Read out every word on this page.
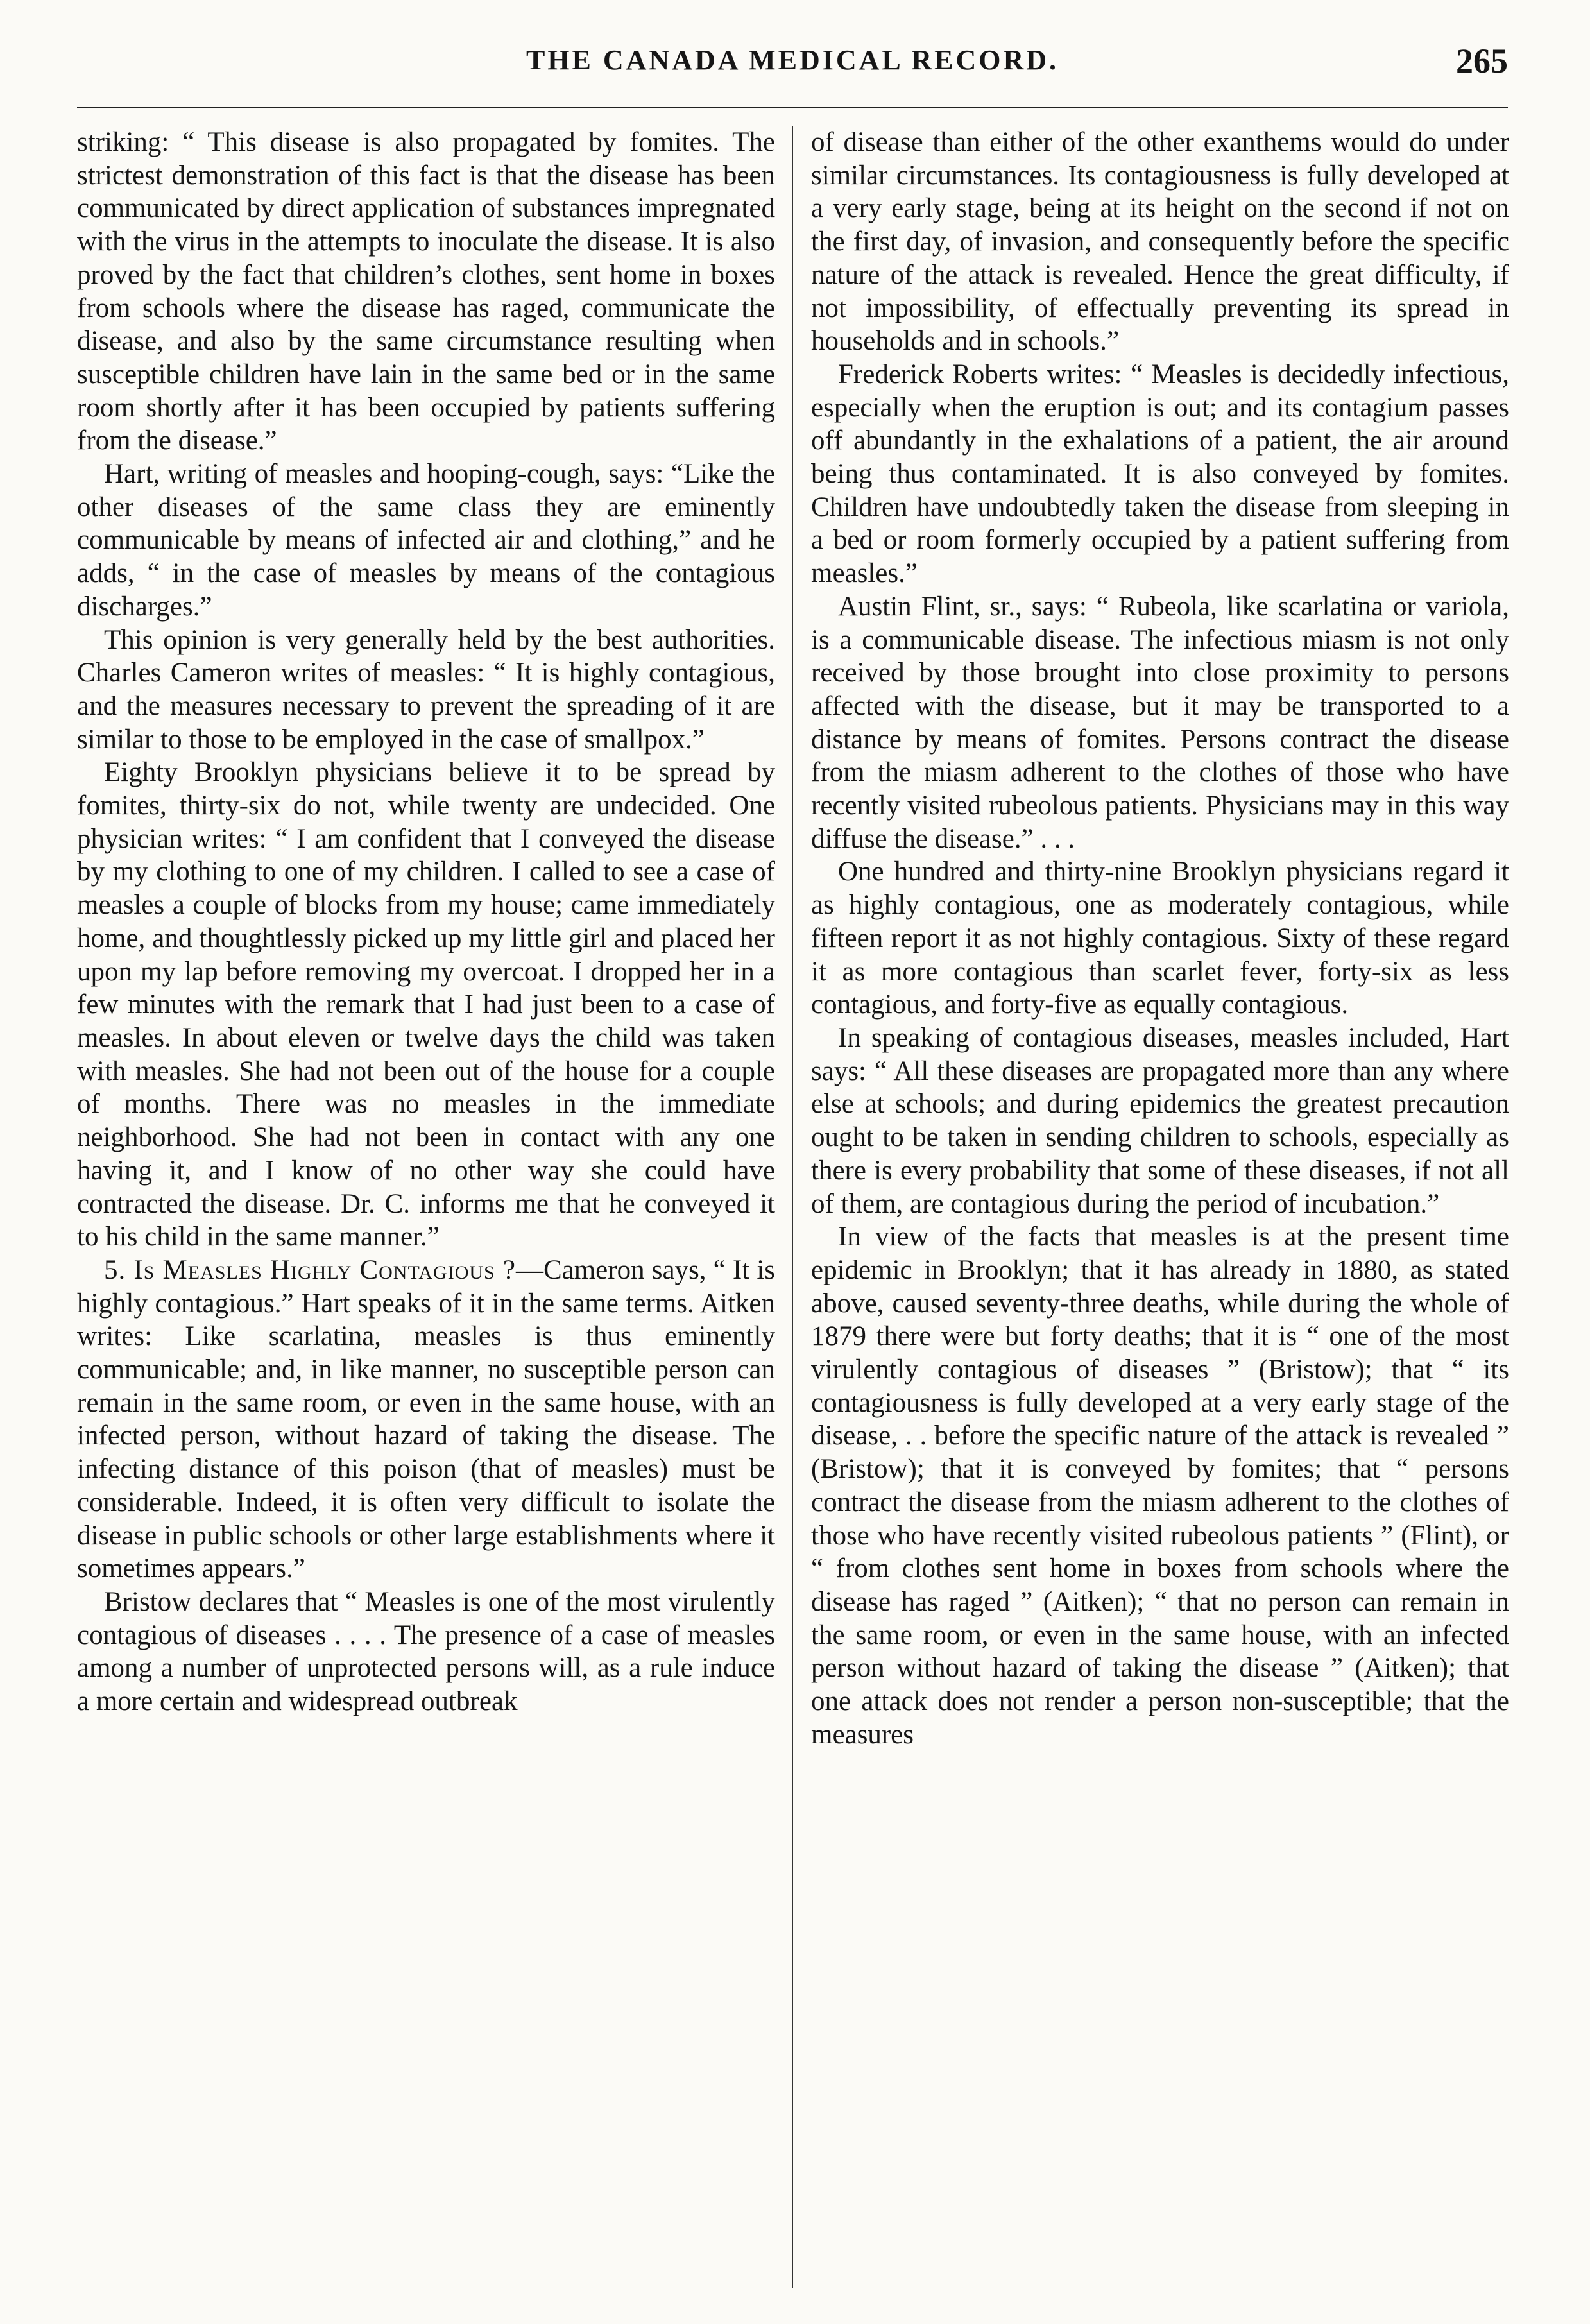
THE CANADA MEDICAL RECORD.	265

striking: “ This disease is also propagated by fomites. The strictest demonstration of this fact is that the disease has been communicated by direct application of substances impregnated with the virus in the attempts to inoculate the disease. It is also proved by the fact that children’s clothes, sent home in boxes from schools where the disease has raged, communicate the disease, and also by the same circumstance resulting when susceptible children have lain in the same bed or in the same room shortly after it has been occupied by patients suffering from the disease.”

Hart, writing of measles and hooping-cough, says: “Like the other diseases of the same class they are eminently communicable by means of infected air and clothing,” and he adds, “ in the case of measles by means of the contagious discharges.”

This opinion is very generally held by the best authorities. Charles Cameron writes of measles: “ It is highly contagious, and the measures necessary to prevent the spreading of it are similar to those to be employed in the case of smallpox.”

Eighty Brooklyn physicians believe it to be spread by fomites, thirty-six do not, while twenty are undecided. One physician writes: “ I am confident that I conveyed the disease by my clothing to one of my children. I called to see a case of measles a couple of blocks from my house; came immediately home, and thoughtlessly picked up my little girl and placed her upon my lap before removing my overcoat. I dropped her in a few minutes with the remark that I had just been to a case of measles. In about eleven or twelve days the child was taken with measles. She had not been out of the house for a couple of months. There was no measles in the immediate neighborhood. She had not been in contact with any one having it, and I know of no other way she could have contracted the disease. Dr. C. informs me that he conveyed it to his child in the same manner.”

5. Is Measles Highly Contagious ?—Cameron says, “ It is highly contagious.” Hart speaks of it in the same terms. Aitken writes: Like scarlatina, measles is thus eminently communicable; and, in like manner, no susceptible person can remain in the same room, or even in the same house, with an infected person, without hazard of taking the disease. The infecting distance of this poison (that of measles) must be considerable. Indeed, it is often very difficult to isolate the disease in public schools or other large establishments where it sometimes appears.”

Bristow declares that “ Measles is one of the most virulently contagious of diseases . . . . The presence of a case of measles among a number of unprotected persons will, as a rule induce a more certain and widespread outbreak

of disease than either of the other exanthems would do under similar circumstances. Its contagiousness is fully developed at a very early stage, being at its height on the second if not on the first day, of invasion, and consequently before the specific nature of the attack is revealed. Hence the great difficulty, if not impossibility, of effectually preventing its spread in households and in schools.”

Frederick Roberts writes: “ Measles is decidedly infectious, especially when the eruption is out; and its contagium passes off abundantly in the exhalations of a patient, the air around being thus contaminated. It is also conveyed by fomites. Children have undoubtedly taken the disease from sleeping in a bed or room formerly occupied by a patient suffering from measles.”

Austin Flint, sr., says: “ Rubeola, like scarlatina or variola, is a communicable disease. The infectious miasm is not only received by those brought into close proximity to persons affected with the disease, but it may be transported to a distance by means of fomites. Persons contract the disease from the miasm adherent to the clothes of those who have recently visited rubeolous patients. Physicians may in this way diffuse the disease.” . . .

One hundred and thirty-nine Brooklyn physicians regard it as highly contagious, one as moderately contagious, while fifteen report it as not highly contagious. Sixty of these regard it as more contagious than scarlet fever, forty-six as less contagious, and forty-five as equally contagious.

In speaking of contagious diseases, measles included, Hart says: “ All these diseases are propagated more than any where else at schools; and during epidemics the greatest precaution ought to be taken in sending children to schools, especially as there is every probability that some of these diseases, if not all of them, are contagious during the period of incubation.”

In view of the facts that measles is at the present time epidemic in Brooklyn; that it has already in 1880, as stated above, caused seventy-three deaths, while during the whole of 1879 there were but forty deaths; that it is “ one of the most virulently contagious of diseases ” (Bristow); that “ its contagiousness is fully developed at a very early stage of the disease, . . before the specific nature of the attack is revealed ” (Bristow); that it is conveyed by fomites; that “ persons contract the disease from the miasm adherent to the clothes of those who have recently visited rubeolous patients ” (Flint), or “ from clothes sent home in boxes from schools where the disease has raged ” (Aitken); “ that no person can remain in the same room, or even in the same house, with an infected person without hazard of taking the disease ” (Aitken); that one attack does not render a person non-susceptible; that the measures
